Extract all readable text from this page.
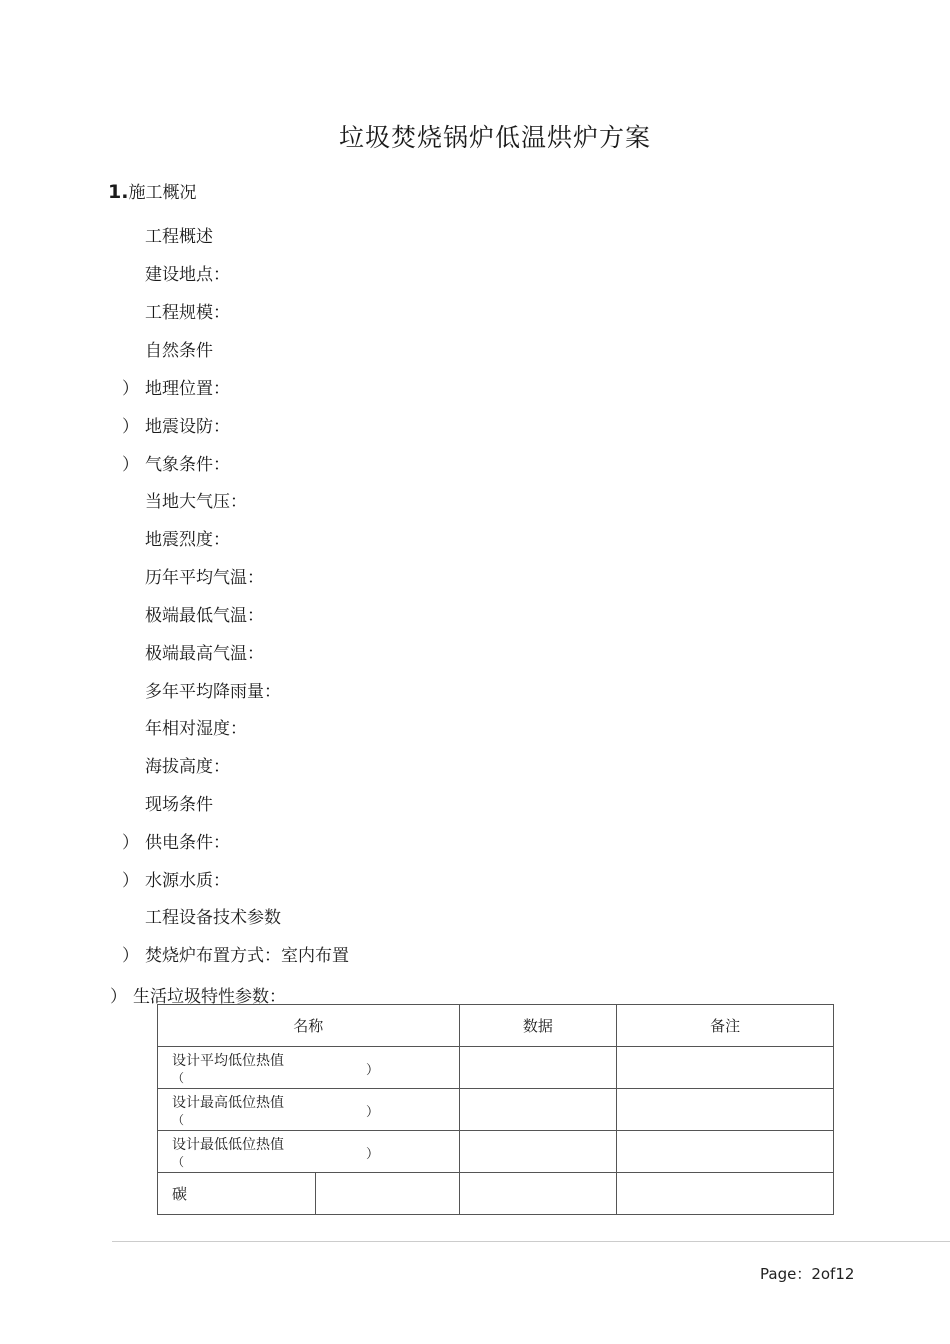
垃圾焚烧锅炉低温烘炉方案
1.施工概况
工程概述
建设地点：
工程规模：
自然条件
） 地理位置：
） 地震设防：
） 气象条件：
当地大气压：
地震烈度：
历年平均气温：
极端最低气温：
极端最高气温：
多年平均降雨量：
年相对湿度：
海拔高度：
现场条件
） 供电条件：
） 水源水质：
工程设备技术参数
） 焚烧炉布置方式：室内布置
） 生活垃圾特性参数：
名称		数据	备注

设计平均低位热值
（ ）			

设计最高低位热值
（ ）			

设计最低低位热值
（ ）			

碳			
Page：2of12
